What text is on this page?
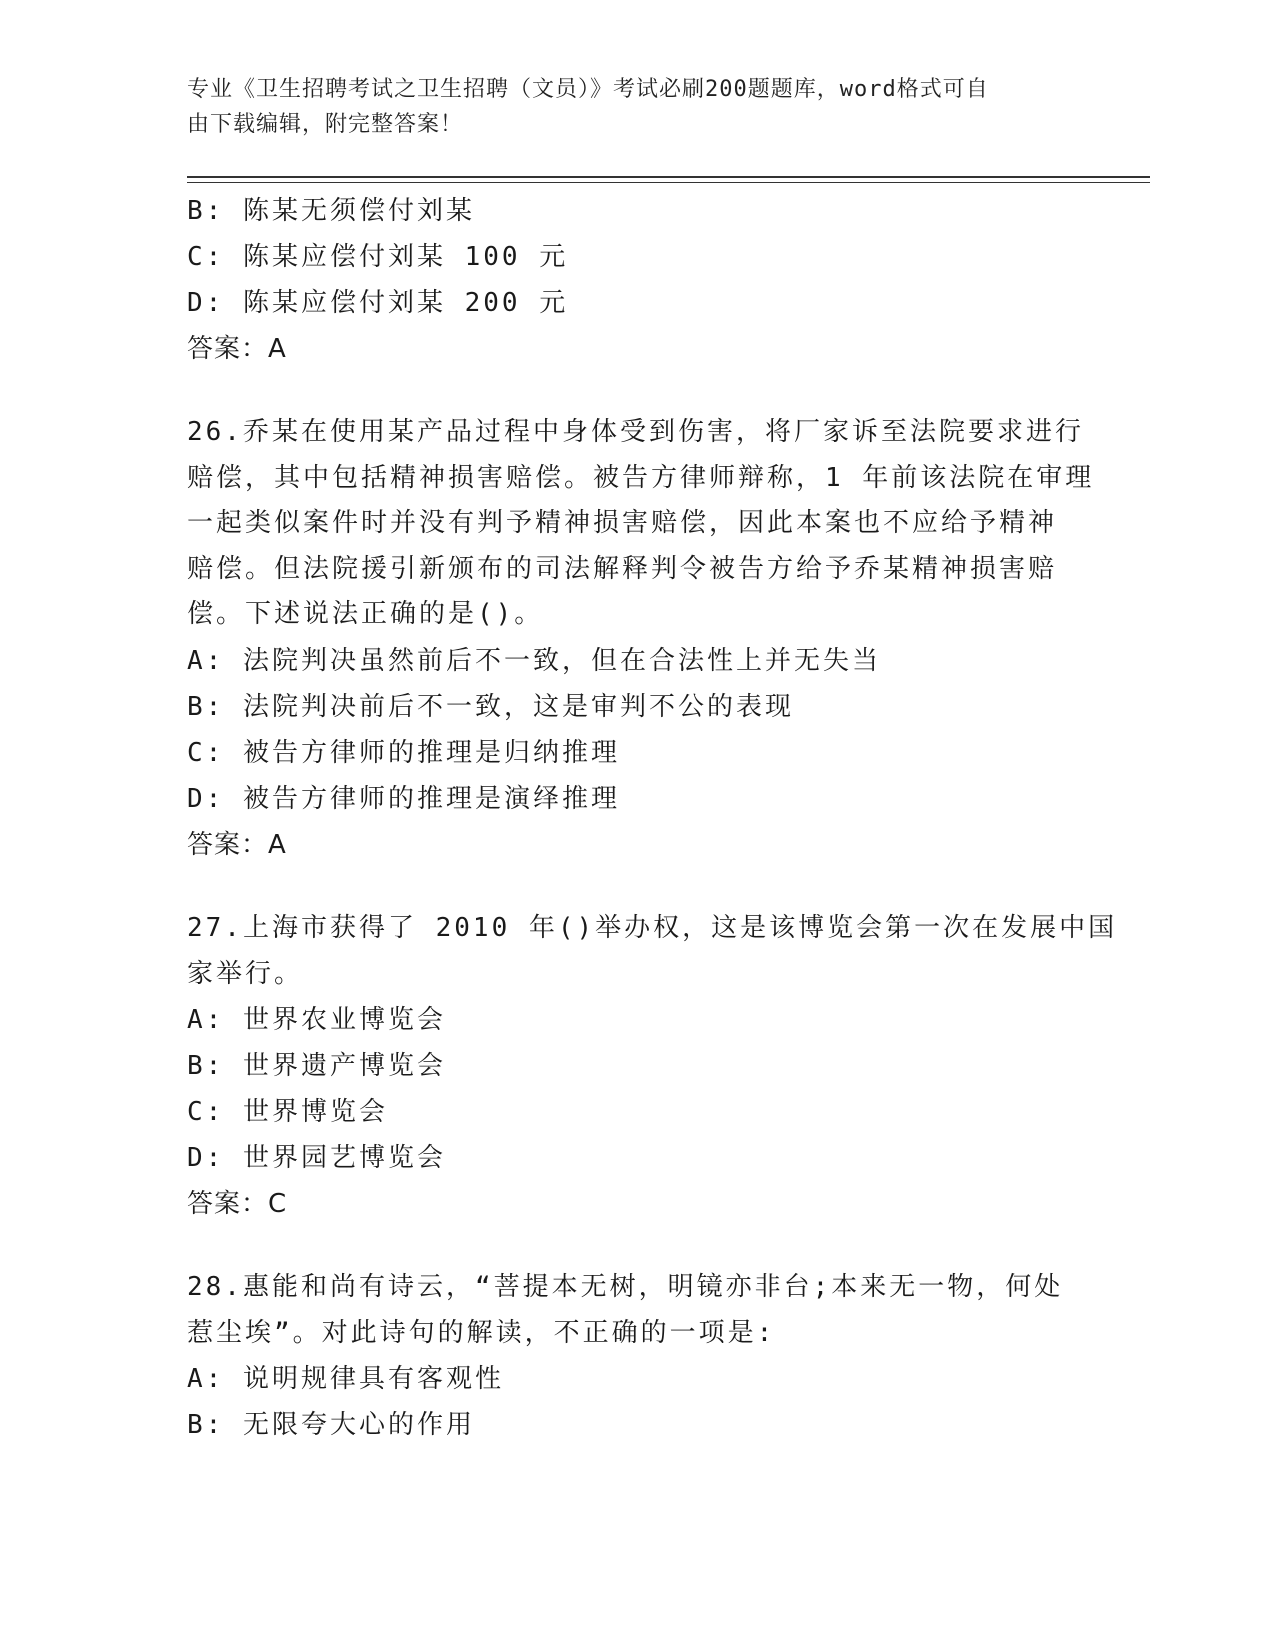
专业《卫生招聘考试之卫生招聘（文员）》考试必刷200题题库，word格式可自
由下载编辑，附完整答案！
B: 陈某无须偿付刘某
C: 陈某应偿付刘某 100 元
D: 陈某应偿付刘某 200 元
答案：A
26.乔某在使用某产品过程中身体受到伤害，将厂家诉至法院要求进行
赔偿，其中包括精神损害赔偿。被告方律师辩称，1 年前该法院在审理
一起类似案件时并没有判予精神损害赔偿，因此本案也不应给予精神
赔偿。但法院援引新颁布的司法解释判令被告方给予乔某精神损害赔
偿。下述说法正确的是()。
A: 法院判决虽然前后不一致，但在合法性上并无失当
B: 法院判决前后不一致，这是审判不公的表现
C: 被告方律师的推理是归纳推理
D: 被告方律师的推理是演绎推理
答案：A
27.上海市获得了 2010 年()举办权，这是该博览会第一次在发展中国
家举行。
A: 世界农业博览会
B: 世界遗产博览会
C: 世界博览会
D: 世界园艺博览会
答案：C
28.惠能和尚有诗云，“菩提本无树，明镜亦非台;本来无一物，何处
惹尘埃”。对此诗句的解读，不正确的一项是:
A: 说明规律具有客观性
B: 无限夸大心的作用
